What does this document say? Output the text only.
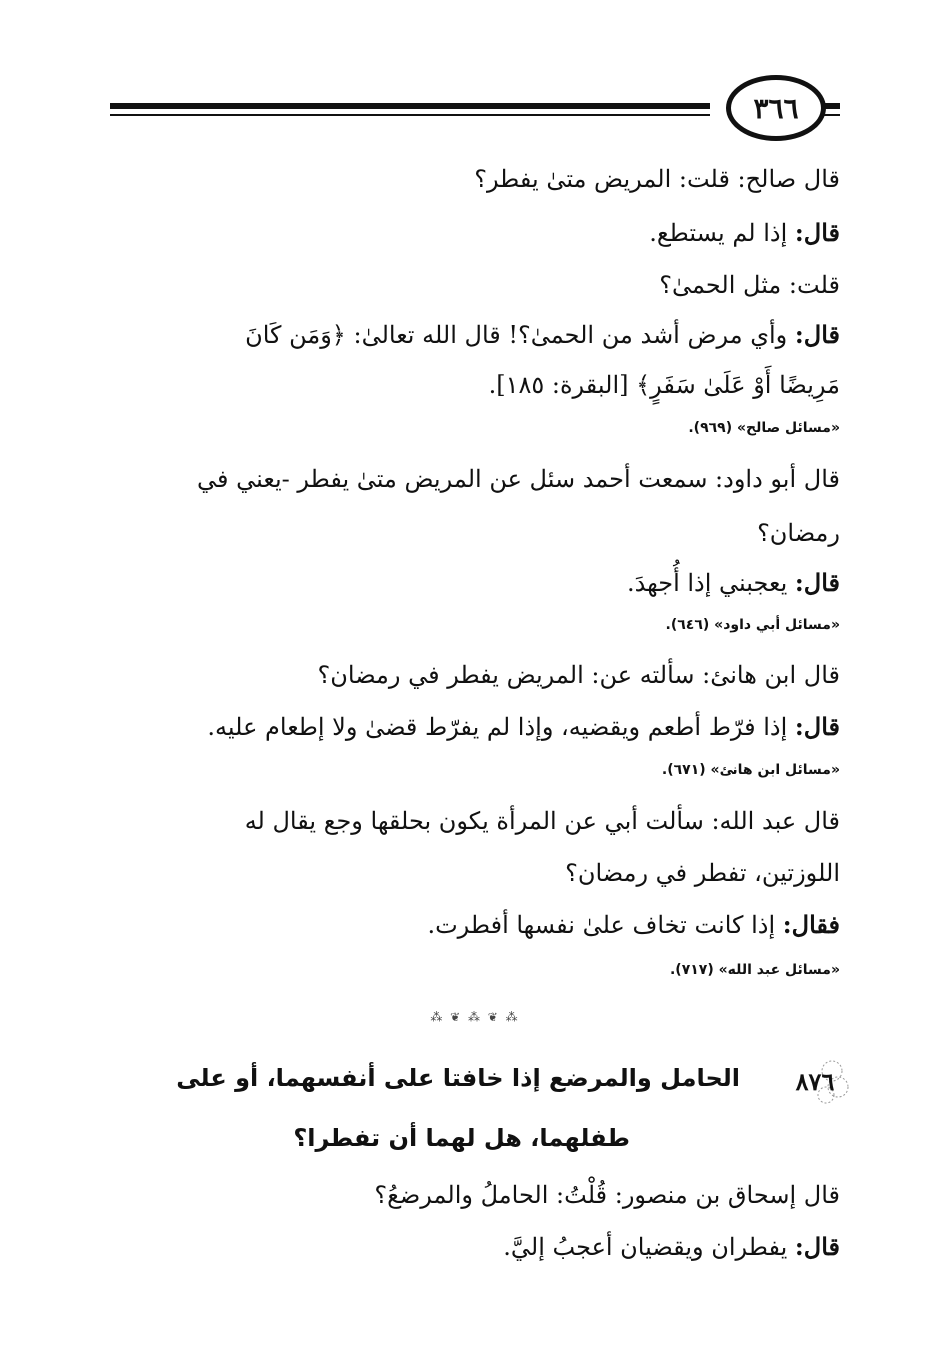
٣٦٦
قال صالح: قلت: المريض متىٰ يفطر؟
قال: إذا لم يستطع.
قلت: مثل الحمىٰ؟
قال: وأي مرض أشد من الحمىٰ؟! قال الله تعالىٰ: ﴿وَمَن كَانَ
مَرِيضًا أَوْ عَلَىٰ سَفَرٍ﴾ [البقرة: ١٨٥].
«مسائل صالح» (٩٦٩).
قال أبو داود: سمعت أحمد سئل عن المريض متىٰ يفطر -يعني في
رمضان؟
قال: يعجبني إذا أُجهدَ.
«مسائل أبي داود» (٦٤٦).
قال ابن هانئ: سألته عن: المريض يفطر في رمضان؟
قال: إذا فرّط أطعم ويقضيه، وإذا لم يفرّط قضىٰ ولا إطعام عليه.
«مسائل ابن هانئ» (٦٧١).
قال عبد الله: سألت أبي عن المرأة يكون بحلقها وجع يقال له
اللوزتين، تفطر في رمضان؟
فقال: إذا كانت تخاف علىٰ نفسها أفطرت.
«مسائل عبد الله» (٧١٧).
⁂ ❦ ⁂ ❦ ⁂
٨٧٦
الحامل والمرضع إذا خافتا على أنفسهما، أو على
طفلهما، هل لهما أن تفطرا؟
قال إسحاق بن منصور: قُلْتُ: الحاملُ والمرضعُ؟
قال: يفطران ويقضيان أعجبُ إليَّ.
